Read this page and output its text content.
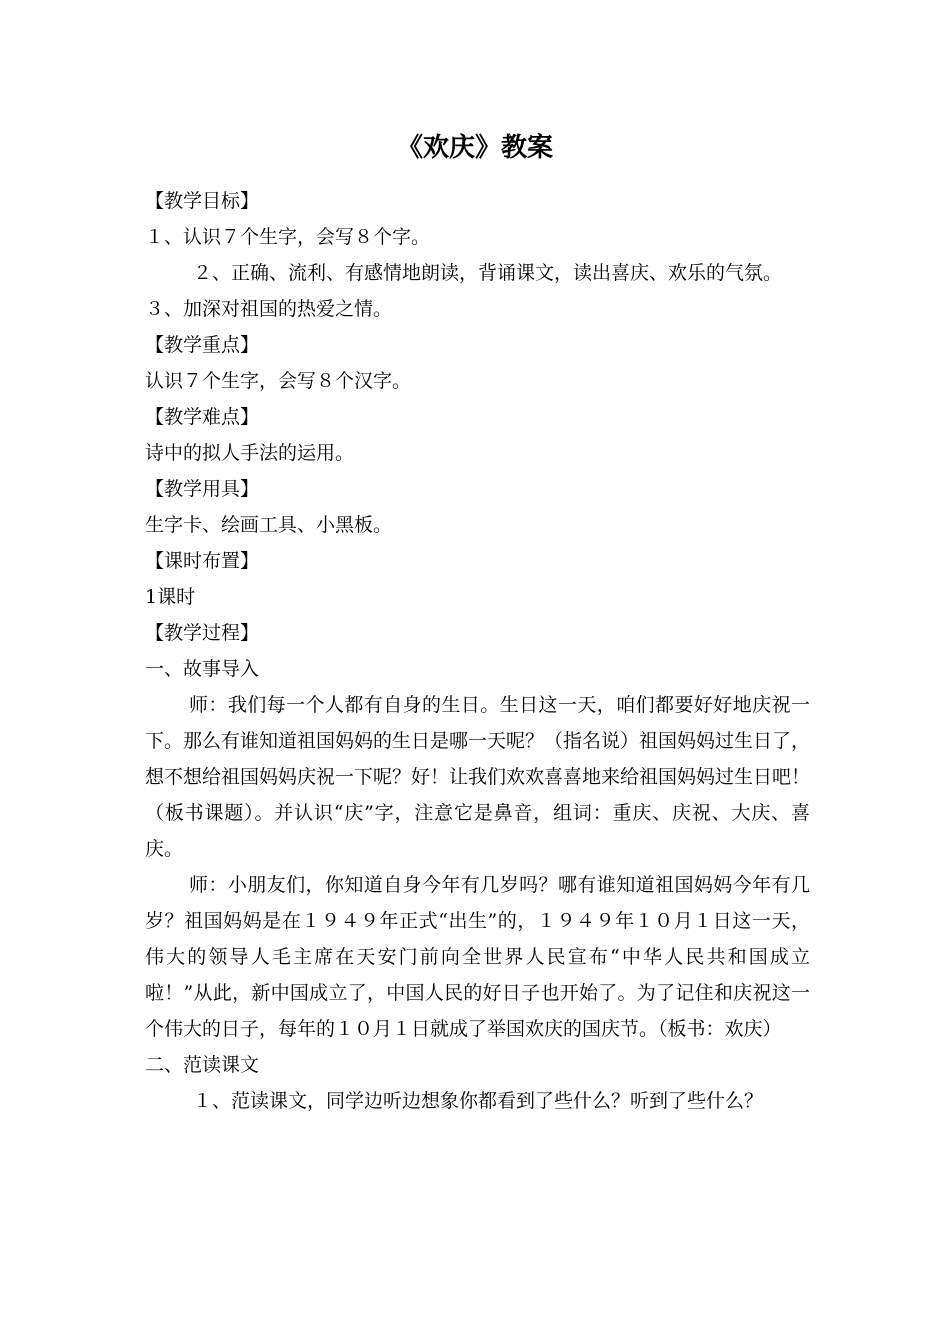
《欢庆》教案

【教学目标】

１、认识７个生字，会写８个字。

２、正确、流利、有感情地朗读，背诵课文，读出喜庆、欢乐的气氛。

３、加深对祖国的热爱之情。

【教学重点】

认识７个生字，会写８个汉字。

【教学难点】

诗中的拟人手法的运用。

【教学用具】

生字卡、绘画工具、小黑板。

【课时布置】

1课时

【教学过程】

一、故事导入

师：我们每一个人都有自身的生日。生日这一天，咱们都要好好地庆祝一下。那么有谁知道祖国妈妈的生日是哪一天呢？（指名说）祖国妈妈过生日了，想不想给祖国妈妈庆祝一下呢？好！让我们欢欢喜喜地来给祖国妈妈过生日吧！（板书课题）。并认识“庆”字，注意它是鼻音，组词：重庆、庆祝、大庆、喜庆。

师：小朋友们，你知道自身今年有几岁吗？哪有谁知道祖国妈妈今年有几岁？祖国妈妈是在１９４９年正式“出生”的，１９４９年１０月１日这一天，伟大的领导人毛主席在天安门前向全世界人民宣布“中华人民共和国成立啦！”从此，新中国成立了，中国人民的好日子也开始了。为了记住和庆祝这一个伟大的日子，每年的１０月１日就成了举国欢庆的国庆节。（板书：欢庆）

二、范读课文

１、范读课文，同学边听边想象你都看到了些什么？听到了些什么？
